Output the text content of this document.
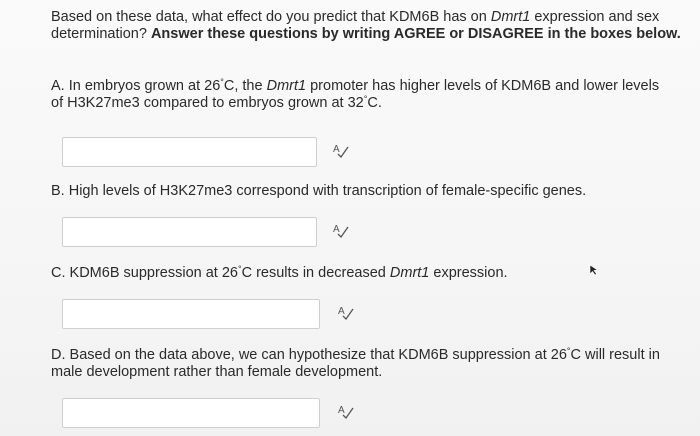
Based on these data, what effect do you predict that KDM6B has on Dmrt1 expression and sex determination? Answer these questions by writing AGREE or DISAGREE in the boxes below.
A. In embryos grown at 26°C, the Dmrt1 promoter has higher levels of KDM6B and lower levels of H3K27me3 compared to embryos grown at 32°C.
A
B. High levels of H3K27me3 correspond with transcription of female-specific genes.
A
C. KDM6B suppression at 26°C results in decreased Dmrt1 expression.
A
D. Based on the data above, we can hypothesize that KDM6B suppression at 26°C will result in male development rather than female development.
A
